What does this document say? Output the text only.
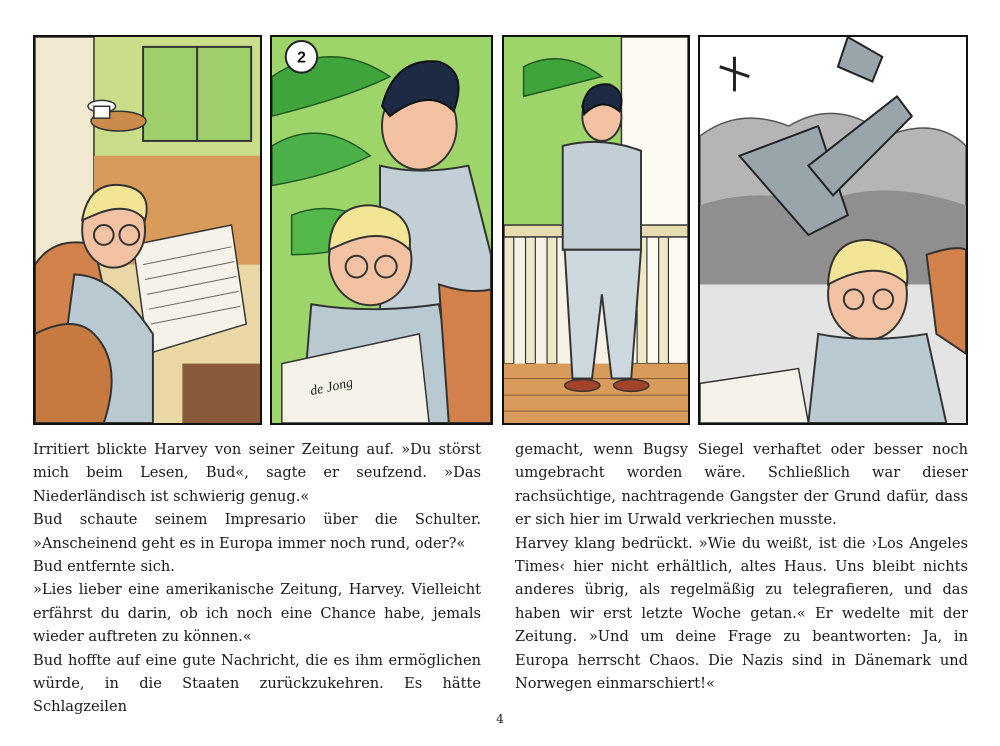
2
de Jong

Irritiert blickte Harvey von seiner Zeitung auf. »Du störst mich beim Lesen, Bud«, sagte er seufzend. »Das Niederländisch ist schwierig genug.«

Bud schaute seinem Impresario über die Schulter. »Anscheinend geht es in Europa immer noch rund, oder?«

Bud entfernte sich.

»Lies lieber eine amerikanische Zeitung, Harvey. Vielleicht erfährst du darin, ob ich noch eine Chance habe, jemals wieder auftreten zu können.«

Bud hoffte auf eine gute Nachricht, die es ihm ermöglichen würde, in die Staaten zurückzukehren. Es hätte Schlagzeilen

gemacht, wenn Bugsy Siegel verhaftet oder besser noch umgebracht worden wäre. Schließlich war dieser rachsüchtige, nachtragende Gangster der Grund dafür, dass er sich hier im Urwald verkriechen musste.

Harvey klang bedrückt. »Wie du weißt, ist die ›Los Angeles Times‹ hier nicht erhältlich, altes Haus. Uns bleibt nichts anderes übrig, als regelmäßig zu telegrafieren, und das haben wir erst letzte Woche getan.« Er wedelte mit der Zeitung. »Und um deine Frage zu beantworten: Ja, in Europa herrscht Chaos. Die Nazis sind in Dänemark und Norwegen einmarschiert!«

4
